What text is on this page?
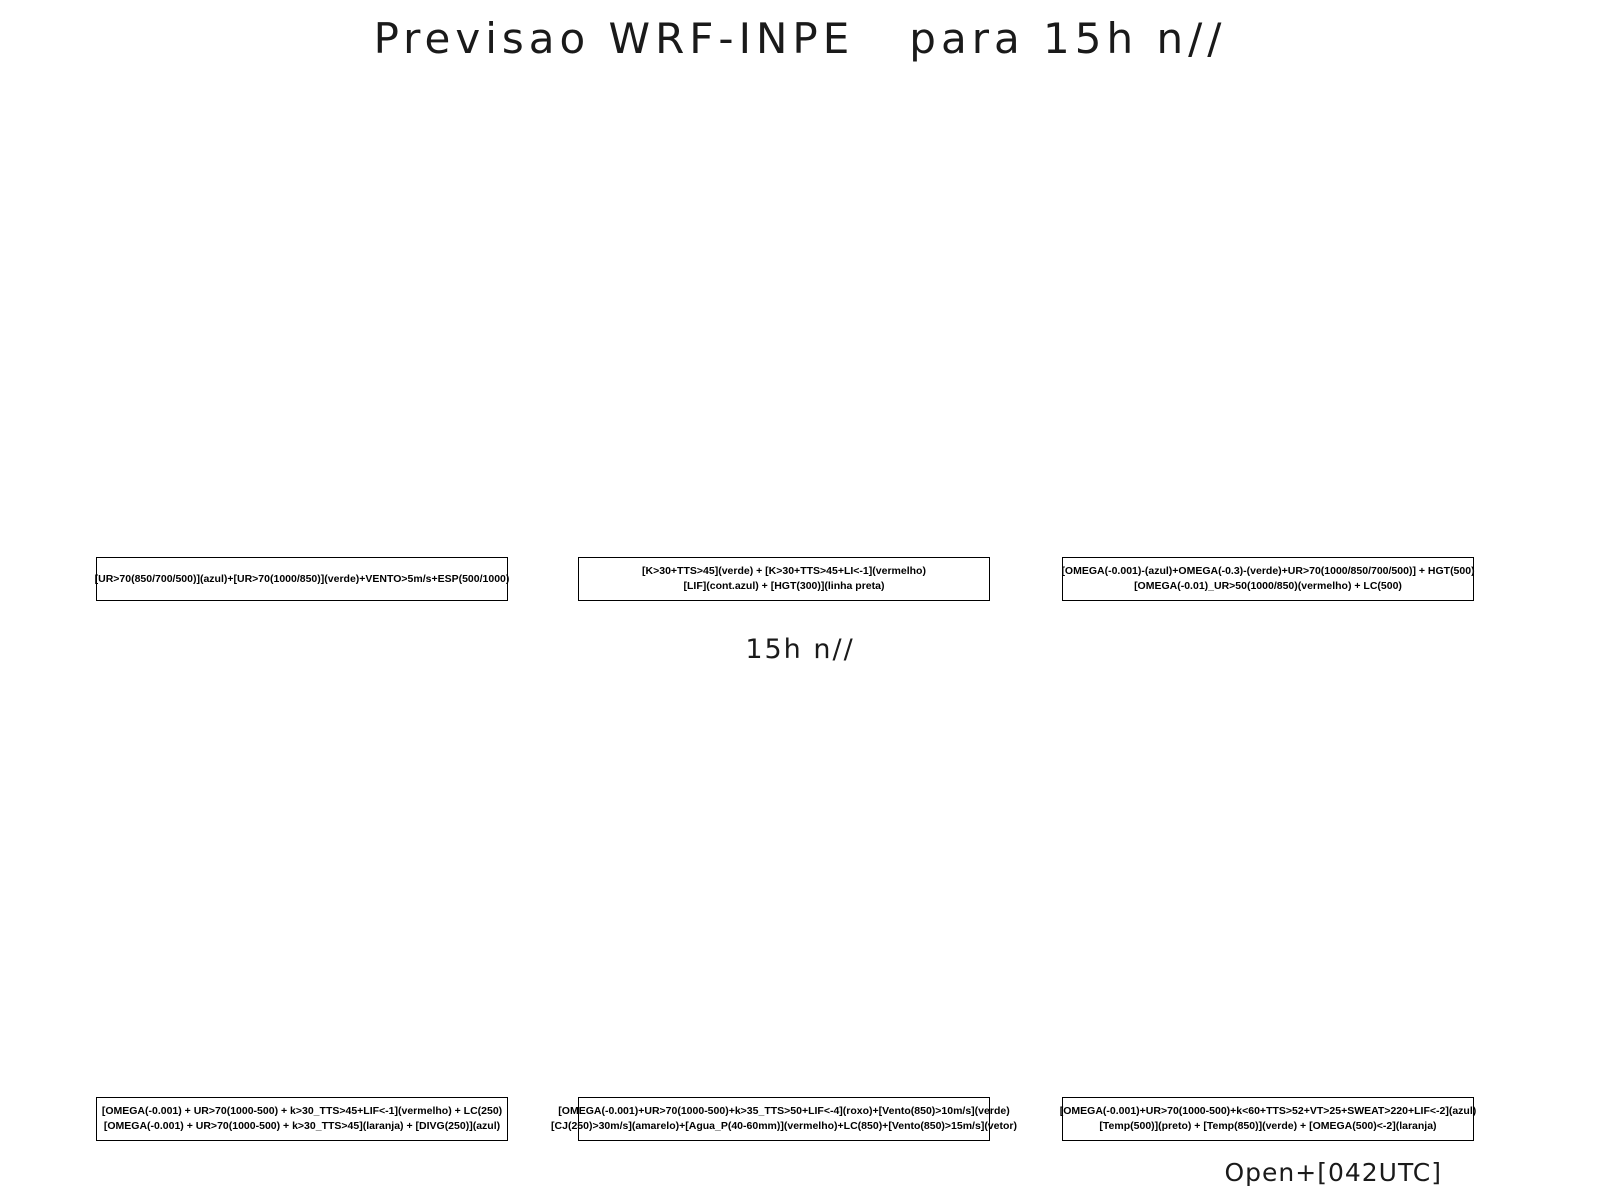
Previsao WRF-INPE   para 15h n//
[UR>70(850/700/500)](azul)+[UR>70(1000/850)](verde)+VENTO>5m/s+ESP(500/1000)
[K>30+TTS>45](verde) + [K>30+TTS>45+LI<-1](vermelho)
[LIF](cont.azul) + [HGT(300)](linha preta)
[OMEGA(-0.001)-(azul)+OMEGA(-0.3)-(verde)+UR>70(1000/850/700/500)] + HGT(500)
[OMEGA(-0.01)_UR>50(1000/850)(vermelho) + LC(500)
15h n//
[OMEGA(-0.001) + UR>70(1000-500) + k>30_TTS>45+LIF<-1](vermelho) + LC(250)
[OMEGA(-0.001) + UR>70(1000-500) + k>30_TTS>45](laranja) + [DIVG(250)](azul)
[OMEGA(-0.001)+UR>70(1000-500)+k>35_TTS>50+LIF<-4](roxo)+[Vento(850)>10m/s](verde)
[CJ(250)>30m/s](amarelo)+[Agua_P(40-60mm)](vermelho)+LC(850)+[Vento(850)>15m/s](vetor)
[OMEGA(-0.001)+UR>70(1000-500)+k<60+TTS>52+VT>25+SWEAT>220+LIF<-2](azul)
[Temp(500)](preto) + [Temp(850)](verde) + [OMEGA(500)<-2](laranja)
Open+[042UTC]
